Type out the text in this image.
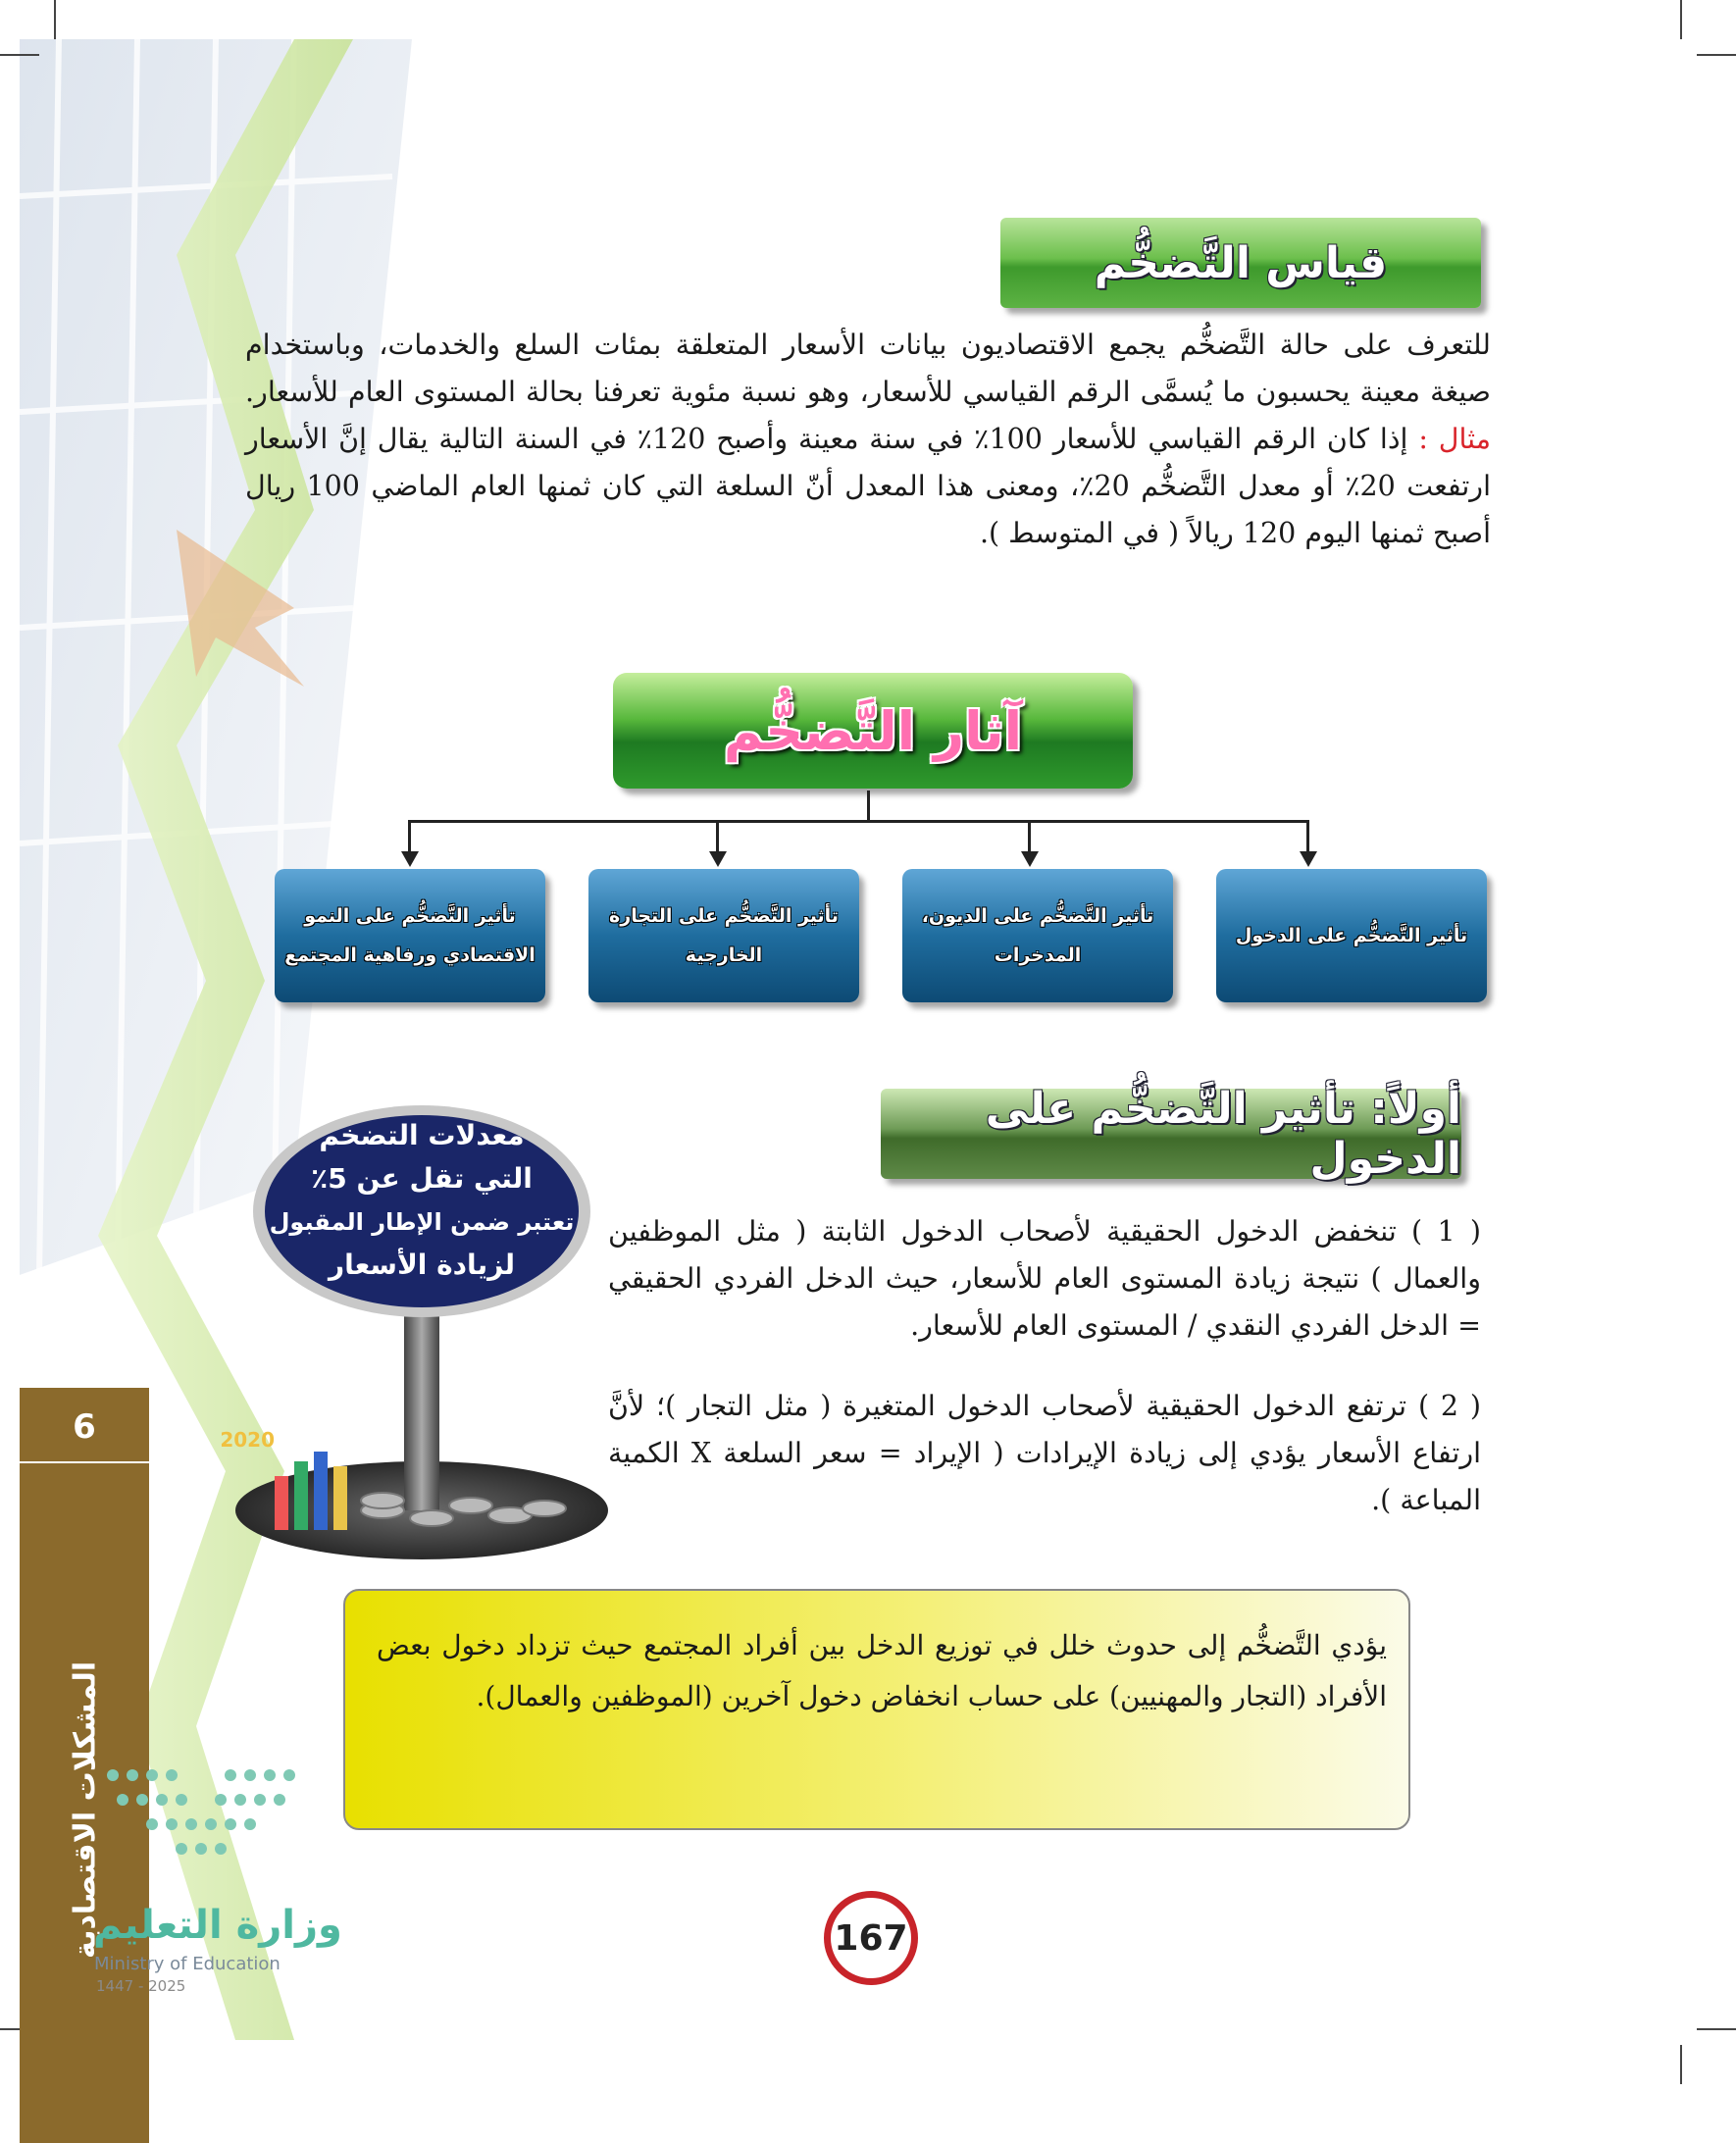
قياس التَّضخُّم

للتعرف على حالة التَّضخُّم يجمع الاقتصاديون بيانات الأسعار المتعلقة بمئات السلع والخدمات، وباستخدام صيغة معينة يحسبون ما يُسمَّى الرقم القياسي للأسعار، وهو نسبة مئوية تعرفنا بحالة المستوى العام للأسعار. مثال : إذا كان الرقم القياسي للأسعار 100٪ في سنة معينة وأصبح 120٪ في السنة التالية يقال إنَّ الأسعار ارتفعت 20٪ أو معدل التَّضخُّم 20٪، ومعنى هذا المعدل أنّ السلعة التي كان ثمنها العام الماضي 100 ريال أصبح ثمنها اليوم 120 ريالاً ( في المتوسط ).

آثار التَّضخُّم
تأثير التَّضخُّم على الدخول
تأثير التَّضخُّم على الديون، المدخرات
تأثير التَّضخُّم على التجارة الخارجية
تأثير التَّضخُّم على النمو الاقتصادي ورفاهية المجتمع
أولاً: تأثير التَّضخُّم على الدخول
2020
معدلات التضخم
التي تقل عن 5٪
تعتبر ضمن الإطار المقبول
لزيادة الأسعار

( 1 ) تنخفض الدخول الحقيقية لأصحاب الدخول الثابتة ( مثل الموظفين والعمال ) نتيجة زيادة المستوى العام للأسعار، حيث الدخل الفردي الحقيقي = الدخل الفردي النقدي / المستوى العام للأسعار.

( 2 ) ترتفع الدخول الحقيقية لأصحاب الدخول المتغيرة ( مثل التجار )؛ لأنَّ ارتفاع الأسعار يؤدي إلى زيادة الإيرادات ( الإيراد = سعر السلعة X الكمية المباعة ).

يؤدي التَّضخُّم إلى حدوث خلل في توزيع الدخل بين أفراد المجتمع حيث تزداد دخول بعض الأفراد (التجار والمهنيين) على حساب انخفاض دخول آخرين (الموظفين والعمال).

6
المشكلات الاقتصادية
وزارة التعليم
Ministry of Education
2025 - 1447
167
